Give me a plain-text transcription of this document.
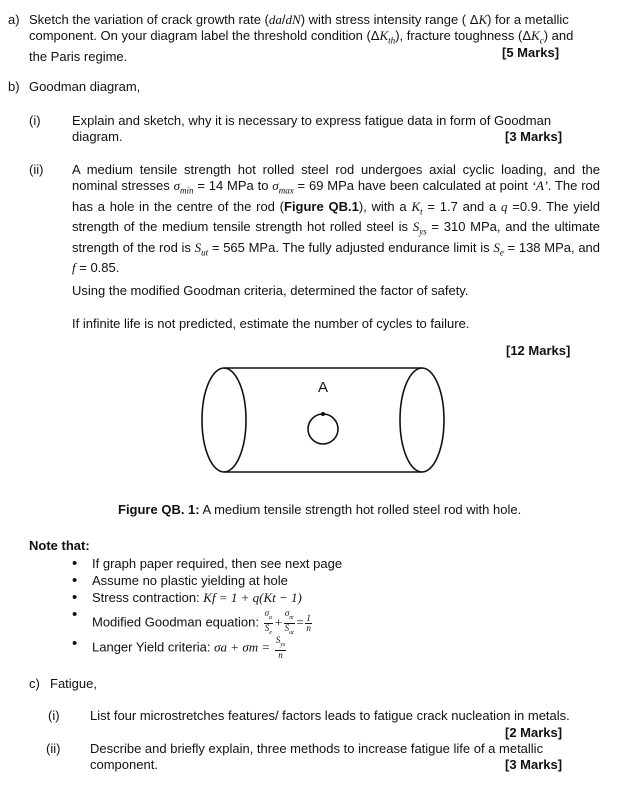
a) Sketch the variation of crack growth rate (da/dN) with stress intensity range ( ΔK) for a metallic component. On your diagram label the threshold condition $(\Delta K_{th})$, fracture toughness $(\Delta K_c)$ and the Paris regime.	[5 Marks]
b) Goodman diagram,
(i) Explain and sketch, why it is necessary to express fatigue data in form of Goodman diagram.	[3 Marks]
(ii) A medium tensile strength hot rolled steel rod undergoes axial cyclic loading, and the nominal stresses $\sigma_{min} = 14$ MPa to $\sigma_{max} = 69$ MPa have been calculated at point ‘A’. The rod has a hole in the centre of the rod (Figure QB.1), with a $K_t = 1.7$ and a q =0.9. The yield strength of the medium tensile strength hot rolled steel is $S_{ys} = 310$ MPa, and the ultimate strength of the rod is $S_{ut} = 565$ MPa. The fully adjusted endurance limit is $S_e = 138$ MPa, and f = 0.85.
Using the modified Goodman criteria, determined the factor of safety.
If infinite life is not predicted, estimate the number of cycles to failure.
[12 Marks]
A
Figure QB. 1: A medium tensile strength hot rolled steel rod with hole.
Note that:
• If graph paper required, then see next page
• Assume no plastic yielding at hole
• Stress contraction: Kf = 1 + q(Kt − 1)
• Modified Goodman equation: $\frac{\sigma_a}{S_e} + \frac{\sigma_m}{S_{ut}} = \frac{1}{n}$
• Langer Yield criteria: $\sigma a + \sigma m = \frac{S_{ys}}{n}$
c) Fatigue,
(i) List four microstretches features/ factors leads to fatigue crack nucleation in metals.
[2 Marks]
(ii) Describe and briefly explain, three methods to increase fatigue life of a metallic component.	[3 Marks]
